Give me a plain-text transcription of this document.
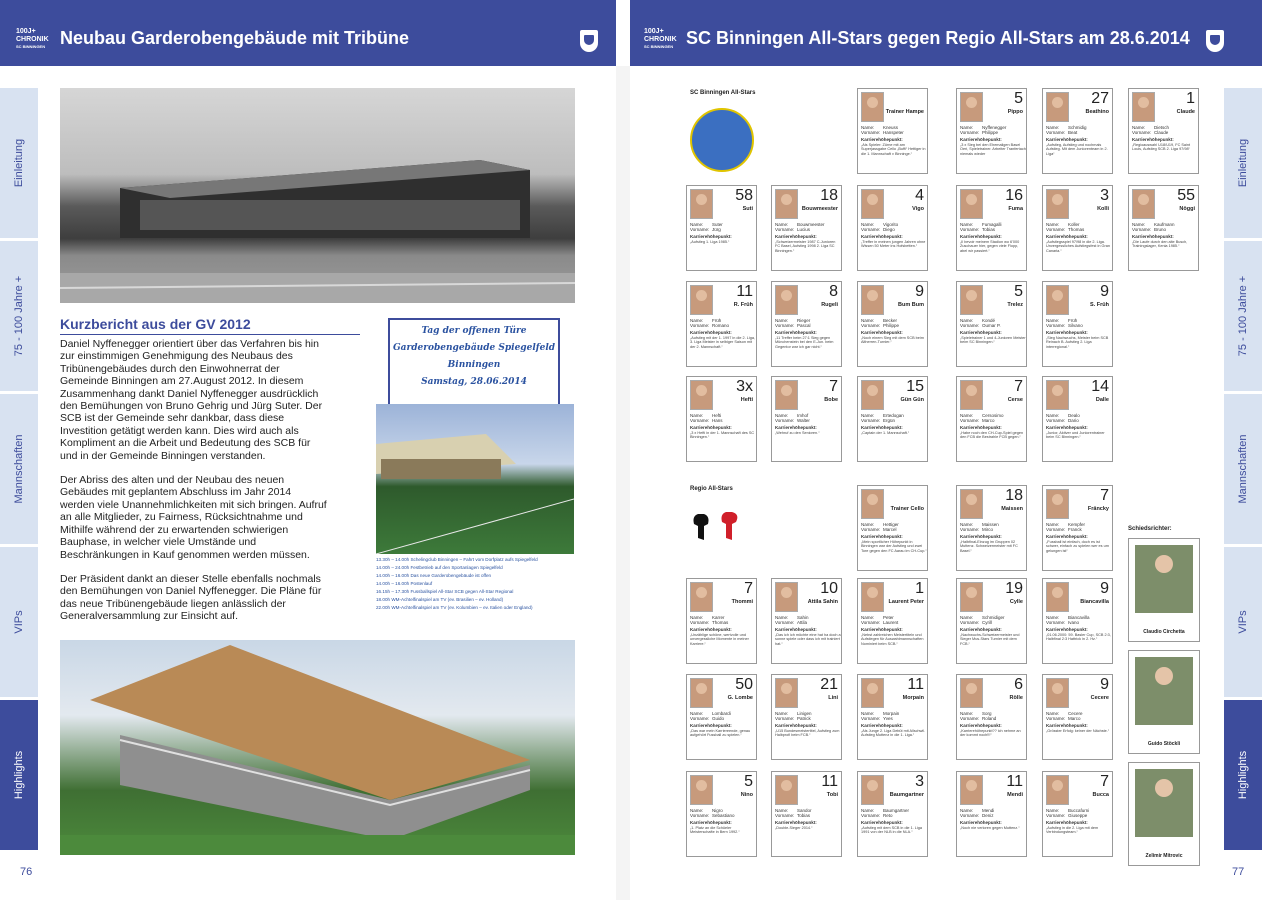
100J+
CHRONIK
SC BINNINGEN Neubau Garderobengebäude mit Tribüne	100J+
CHRONIK
SC BINNINGEN SC Binningen All-Stars gegen Regio All-Stars am 28.6.2014
Einleitung
75 - 100 Jahre +
Mannschaften
VIPs
Highlights
Einleitung
75 - 100 Jahre +
Mannschaften
VIPs
Highlights
76	77
Kurzbericht aus der GV 2012

Daniel Nyffenegger orientiert über das Verfahren bis hin zur einstimmigen Genehmigung des Neubaus des Tribünengebäudes durch den Einwohnerrat der Gemeinde Binningen am 27.August 2012. In diesem Zusammenhang dankt Daniel Nyffenegger ausdrücklich den Bemühungen von Bruno Gehrig und Jürg Suter. Der SCB ist der Gemeinde sehr dankbar, dass diese Investition getätigt werden kann. Dies wird auch als Kompliment an die Arbeit und Bedeutung des SCB für und in der Gemeinde Binningen verstanden.

Der Abriss des alten und der Neubau des neuen Gebäudes mit geplantem Abschluss im Jahr 2014 werden viele Unannehmlichkeiten mit sich bringen. Aufruf an alle Mitglieder, zu Fairness, Rücksichtnahme und Mithilfe während der zu erwartenden schwierigen Bauphase, in welcher viele Umstände und Beschränkungen in Kauf genommen werden müssen.

Der Präsident dankt an dieser Stelle ebenfalls nochmals den Bemühungen von Daniel Nyffenegger. Die Pläne für das neue Tribünengebäude liegen anlässlich der Generalversammlung zur Einsicht auf.

Tag der offenen Türe
Garderobengebäude Spiegelfeld
Binningen
Samstag, 28.06.2014
13.30h – 14.00h Schelingclub Binningen – Fahrt vom Dorfplatz aufs Spiegelfeld
14.00h – 24.00h Festbetrieb auf den Sportanlagen Spiegelfeld
14.00h – 16.00h Das neue Garderobengebäude ist offen
14.00h – 16.00h Postenlauf
16.15h – 17.30h Fussballspiel All-Star SCB gegen All-Star Regional
18.00h WM-Achtelfinalspiel am TV (ev. Brasilien – ev. Holland)
22.00h WM-Achtelfinalspiel am TV (ev. Kolumbien – ev. Italien oder England)
SC Binningen All-Stars
Trainer Hampe
Name:	Kneuss
Vorname: Hanspeter
Karrierehöhepunkt:
„Als Spieler: Zürne mit am Superjassgabe Cello „Buffi“ Hettiger in die 1. Mannschaft v Binninge.“
5
Pippo
Name:	Nyffenegger
Vorname: Philippe
Karrierehöhepunkt:
„3 x Sieg bei den Ehemaligen Basel Oeri, Spieletrainer. Arbeiter Tranfertach niemals wieder
27
Beathino
Name:	Schmidig
Vorname: Beat
Karrierehöhepunkt:
„Aufstieg, Aufstieg und nochmals Aufstieg. Mit dem Juniorenteam in 2. Liga“
1
Claude
Name:	Dietsch
Vorname: Claude
Karrierehöhepunkt:
„Regioauswahl U18/U19, FC Saint Louis, Aufstieg SCB 2. Liga 97/98“
58
Suti
Name:	Suter
Vorname: Jürg
Karrierehöhepunkt:
„Aufstieg 1. Liga 1985.“
18
Bouwmeester
Name:	Bouwmeester
Vorname: Lucius
Karrierehöhepunkt:
„Schweizermeister 1987 C-Junioren FC Basel, Aufstieg 1998 2. Liga SC Binningen.“
4
Vigo
Name:	Vigorito
Vorname: Diego
Karrierehöhepunkt:
„Treffer in meinen jungen Jahren ohne Wissen 50 Meter ins Hofsbetten.“
16
Fuma
Name:	Fumagalli
Vorname: Tobias
Karrierehöhepunkt:
„Il bevoir meinem Stadion wo 6'000 Zuschauer hier, gegen viele Flopp, abel wir passiert.“
3
Kolli
Name:	Koller
Vorname: Thomas
Karrierehöhepunkt:
„Aufstiegsspiel 97/98 in die 2. Liga. Unvergessliches Aufstiegsfest in Gran Canaria.“
55
Nöggi
Name:	Kaufmann
Vorname: Bruno
Karrierehöhepunkt:
„Die Laufe durch den alte Busch, Trainingslager, Kenia 1985.“
11
R. Früh
Name:	Früh
Vorname: Romano
Karrierehöhepunkt:
„Aufstieg mit der 1. 1997 in die 2. Liga, 3. Liga Meister in selbiger Saison mit der 2. Mannschaft.“
8
Rugeli
Name:	Rieger
Vorname: Pascal
Karrierehöhepunkt:
„11 Treffer beim 27:1 Sieg gegen Münchenstein bei den E-Jun. beim Gegentor war ich gar nicht.“
9
Bum Bum
Name:	Becker
Vorname: Philippe
Karrierehöhepunkt:
„Noch einem Sieg mit dem SCB beim Altherren-Turnier.“
5
Trelez
Name:	Kondé
Vorname: Oumar P.
Karrierehöhepunkt:
„Spieletrainer 1 und 4-Junioren Meister beim SC Binningen.“
9
S. Früh
Name:	Früh
Vorname: Silvano
Karrierehöhepunkt:
„Sieg Nachwuchs, Meister beim SCB Reinach B. Aufstieg 2. Liga interregional.“
3x
Hefti
Name:	Hefti
Vorname: Hans
Karrierehöhepunkt:
„3 x Hefti in der 1. Mannschaft des SC Binningen.“
7
Bobe
Name:	Imhof
Vorname: Walter
Karrierehöhepunkt:
„Wehruf zu den Senioren.“
15
Gün Gün
Name:	Ertedogan
Vorname: Ergün
Karrierehöhepunkt:
„Captain der 1. Mannschaft.“
7
Cerse
Name:	Cersosimo
Vorname: Marco
Karrierehöhepunkt:
„Habe noch den CH-Cup-Spiel gegen den FCB die Bestrahle FCB gegen.“
14
Dalle
Name:	Dealo
Vorname: Dario
Karrierehöhepunkt:
„Junior, Aktiver und Juniorentrainer beim SC Binningen.“
Regio All-Stars
Trainer Cello
Name:	Hettiger
Vorname: Marcel
Karrierehöhepunkt:
„Mein sportlicher Höhepunkt in Binningen war der Aufstieg und zwei Tore gegen den FC Aarau im CH-Cup.“
18
Maissen
Name:	Maissen
Vorname: Mirco
Karrierehöhepunkt:
„Halbfinal-Einzug im Gruppen 02 Muttenz. Schweizermeister mit FC Basel.“
7
Fräncky
Name:	Kempfer
Vorname: Franck
Karrierehöhepunkt:
„Fussball ist einfach, doch es ist schwer, einfach zu spielen wer es um gelungen ist“
7
Thommi
Name:	Karrer
Vorname: Thomas
Karrierehöhepunkt:
„Unzählige schöne, wertvolle und unvergessliche Momente in meiner Karriere.“
10
Attila Sahin
Name:	Sahin
Vorname: Attila
Karrierehöhepunkt:
„Das ich ich möchte eine hat ha doch a sonne spiele oder dass ich mit trainiert hat.“
1
Laurent Peter
Name:	Peter
Vorname: Laurent
Karrierehöhepunkt:
„Nebst zahlreichen Meistertiteln und Aufstiegen für Auswahlmannschaften Nominiert beim SCB.“
19
Cylle
Name:	Schmidiger
Vorname: Cyrill
Karrierehöhepunkt:
„Nachwuchs-Schweizermeister und Sieger Mus-Stars Turnier mit dem FCB.“
9
Biancavilla
Name:	Biancavilla
Vorname: Ivano
Karrierehöhepunkt:
„01.06.2000: 59. Basler Cup, SCB 2:3, Halbfinal 2:3 Hattrick in 2. Hz.“
50
G. Lombe
Name:	Lombardi
Vorname: Guido
Karrierehöhepunkt:
„Das war mein Karriereende, genau aufgehört Fussball zu spielen.“
21
Lini
Name:	Linigen
Vorname: Patrick
Karrierehöhepunkt:
„U15 Bundesmeistertitel, Aufstieg zum Halbprofi beim FCB.“
11
Morpain
Name:	Morpain
Vorname: Yves
Karrierehöhepunkt:
„Als Junge 2. Liga Debüt mit Allschwil. Aufstieg Muttenz in die 1. Liga.“
6
Rölle
Name:	Sorg
Vorname: Roland
Karrierehöhepunkt:
„Karrierehöhepunkt?? ich nehme an der kommt noch!!!“
9
Cecere
Name:	Cecere
Vorname: Marco
Karrierehöhepunkt:
„Grösster Erfolg: keiner der Nächste.“
5
Nino
Name:	Nigro
Vorname: Sebastiano
Karrierehöhepunkt:
„1. Platz an die Schüeler Meisterschafte in Bern 1992.“
11
Tobi
Name:	Sandor
Vorname: Tobias
Karrierehöhepunkt:
„Double-Sieger 2014.“
3
Baumgartner
Name:	Baumgartner
Vorname: Reto
Karrierehöhepunkt:
„Aufstieg mit dem SCB in die 1. Liga 1991 von der NLB in die NLA.“
11
Mendi
Name:	Mendi
Vorname: Deniz
Karrierehöhepunkt:
„Noch nie verloren gegen Muttenz.“
7
Bucca
Name:	Buccafurni
Vorname: Giuseppe
Karrierehöhepunkt:
„Aufstieg in die 2. Liga mit dem Verbindungsteam.“
Schiedsrichter:
Claudio Circhetta
Guido Stöckli
Zelimir Mitrovic
